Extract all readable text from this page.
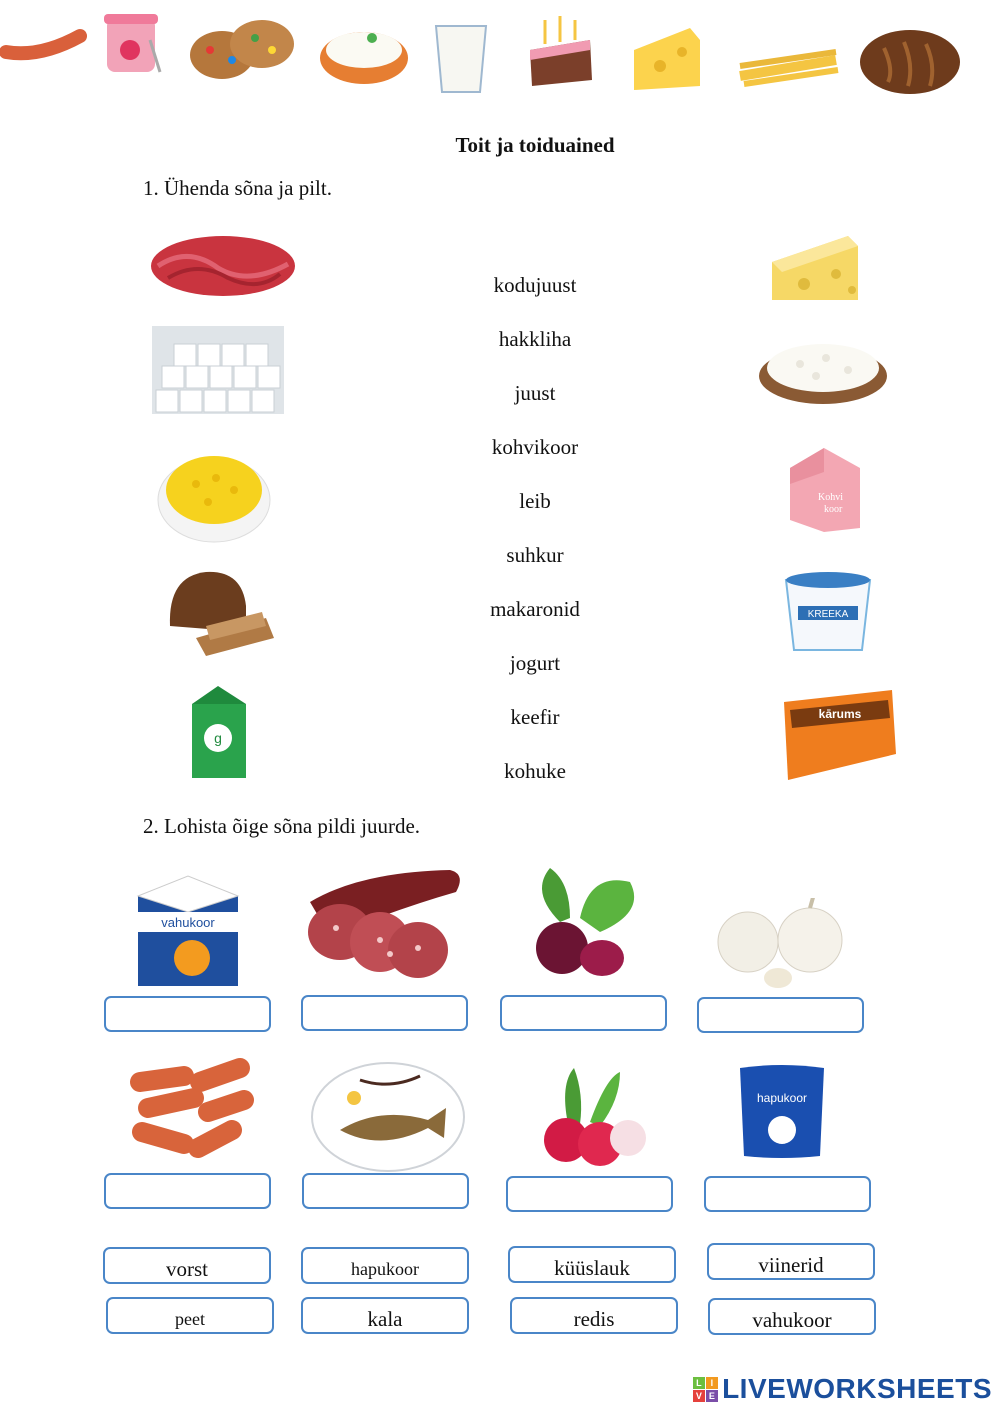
Toit ja toiduained
1. Ühenda sõna ja pilt.
g
kodujuust
hakkliha
juust
kohvikoor
leib
suhkur
makaronid
jogurt
keefir
kohuke
Kohvi
koor
KREEKA
kārums
2. Lohista õige sõna pildi juurde.
vahukoor
hapukoor
vorst	hapukoor	küüslauk	viinerid
peet	kala	redis	vahukoor
L I
V E LIVEWORKSHEETS
